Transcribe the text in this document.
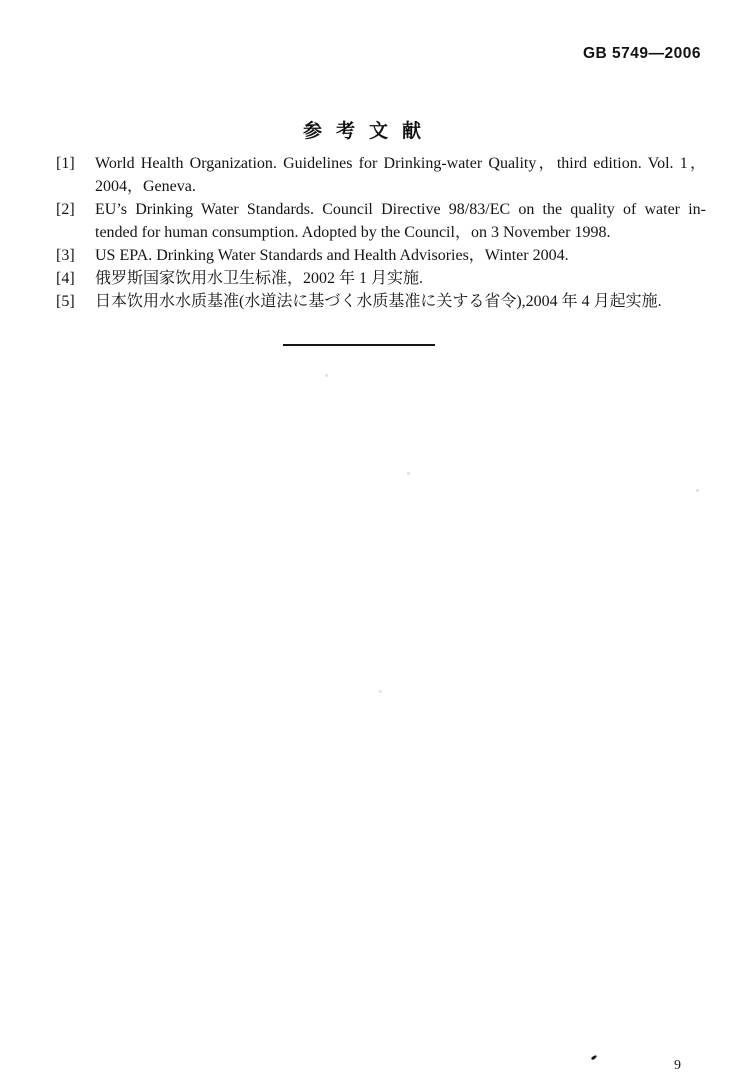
GB 5749—2006
参考文献
[1]	World Health Organization. Guidelines for Drinking-water Quality，third edition. Vol. 1，
2004，Geneva.
[2]	EU’s Drinking Water Standards. Council Directive 98/83/EC on the quality of water in-
tended for human consumption. Adopted by the Council，on 3 November 1998.
[3]	US EPA. Drinking Water Standards and Health Advisories，Winter 2004.
[4]	俄罗斯国家饮用水卫生标准，2002 年 1 月实施.
[5]	日本饮用水水质基准(水道法に基づく水质基准に关する省令),2004 年 4 月起实施.
9
